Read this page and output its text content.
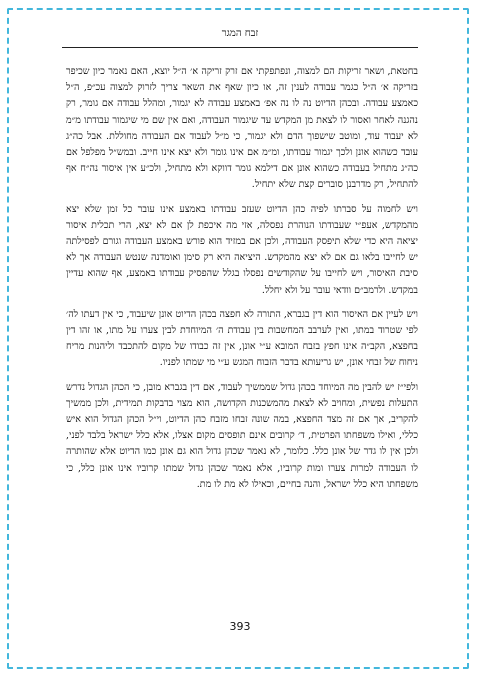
זבח המגר

בחטאת, ושאר זריקות הם למצוה, ונפתפקתי אם זרק זריקה א׳ ה״ל יוצא, האם נאמר כיון שכיפר בזריקה א׳ ה״ל כגמר עבודה לענין זה, או כיון שאף את השאר צריך לזרוק למצוה עכ״פ, ה״ל כאמצע עבודה. ובכהן הדיוט נה לו נה אפ׳ באמצע עבודה לא יגמור, ומהלל עבודה אם גומר, רק נהגנה לאחר ואסור לו לצאת מן המקדש עד שיגמור העבודה, ואם אין שם מי שיגמור עבודתו מ״מ לא יעבוד עוד, ומוטב שישפוך הדם ולא יגמור, כי מ״ל לעבוד אם העבודה מחוללת. אבל כה״ג עובד כשהוא אונן ולכך יגמור עבודתו, ומ״מ אם אינו גומר ולא יצא אינו חייב. ובמש״ל מפלפל אם כה״ג מתחיל בעבודה כשהוא אונן אם דילמא גומר דווקא ולא מתחיל, ולכ״ע אין איסור נה״ח אף להתחיל, רק מדרבנן סוברים קצת שלא יתחיל.

ויש לחמוה על סברתו לפיה כהן הדיוט שעזב עבודתו באמצע אינו עובר כל זמן שלא יצא מהמקדש, אעפ״י שעבודתו הנוהרת נפסלה, אזי מה איכפת לן אם לא יצא, הרי תכלית איסור יציאה היא כדי שלא תיפסק העבודה, ולכן אם במזיד הוא פורש באמצע העבודה וגורם לפסילתה יש לחייבו בלאו גם אם לא יצא מהמקדש. היציאה היא רק סימן ואומדנה שנטש העבודה אך לא סיבת האיסור, ויש לחייבו על שהקודשים נפסלו בגלל שהפסיק עבודתו באמצע, אף שהוא עדיין במקדש. ולרמב״ם וודאי עובר על ולא יחלל.

ויש לעיין אם האיסור הוא דין בגברא, התורה לא חפצה בכהן הדיוט אונן שיעבוד, כי אין דעתו לה׳ לפי שטרוד במתו, ואין לערבב המחשבות בין עבודת ה׳ המיוחדת לבין צערו על מתו, או זהו דין בחפצא, הקב״ה אינו חפץ בזבח המובא ע״י אונן, אין זה כבודו של מקום להתכבד וליהנות מריח ניחוח של זבחי אונן, יש גריעותא בדבר הזבוח המגש ע״י מי שמתו לפניו.

ולפי״ז יש להבין מה המיוחד בכהן גדול שממשיך לעבוד, אם דין בגברא מובן, כי הכהן הגדול נדרש התעלות נפשית, ומחויב לא לצאת מהמשכנות הקדושה, הוא מצוי בדבקות תמידית, ולכן ממשיך להקריב, אך אם זה מצד החפצא, במה שונה זבחו מזבח כהן הדיוט, וי״ל הכהן הגדול הוא איש כללי, ואילו משפחתו הפרטית, ד׳ קרובים אינם תופסים מקום אצלו, אלא כלל ישראל בלבד לפני, ולכן אין לו גדר של אונן כלל. כלומר, לא נאמר שכהן גדול הוא גם אונן כמו הדיוט אלא שהותרה לו העבודה למרות צערו ומות קרוביו, אלא נאמר שכהן גדול שמתו קרוביו אינו אונן כלל, כי משפחתו היא כלל ישראל, והנה בחיים, וכאילו לא מת לו מת.

393
